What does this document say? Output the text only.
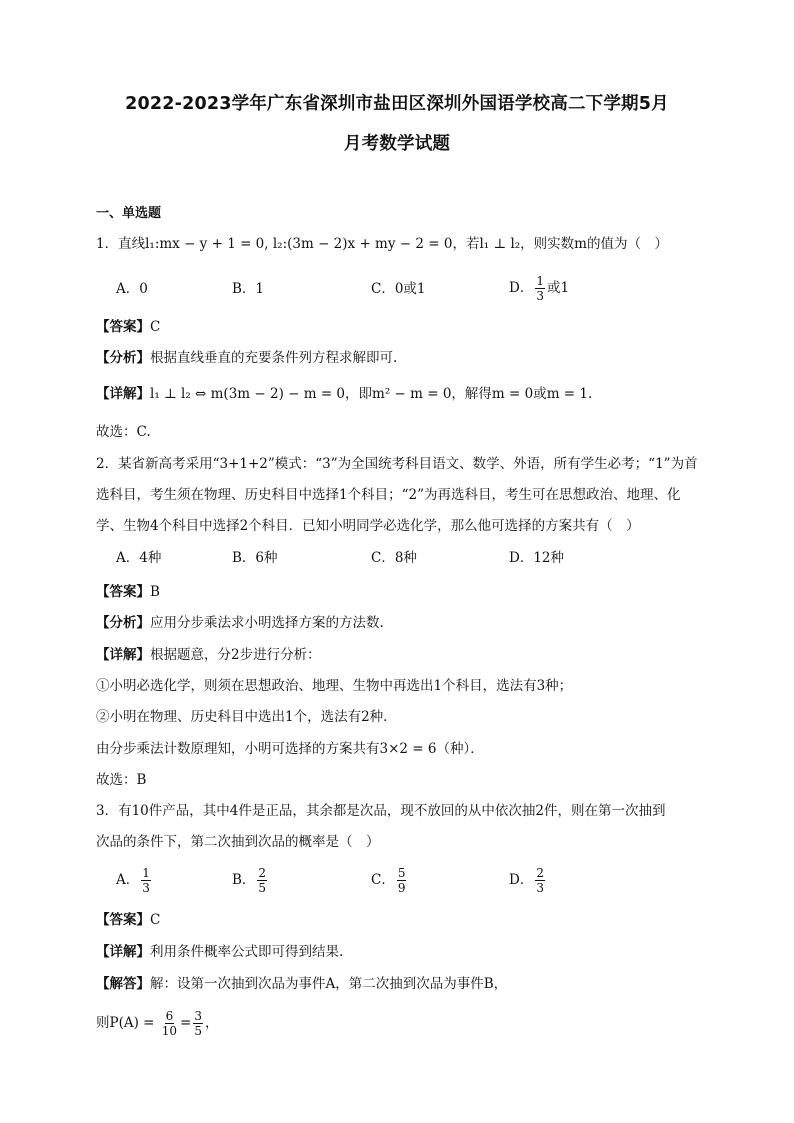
2022-2023学年广东省深圳市盐田区深圳外国语学校高二下学期5月
月考数学试题
一、单选题
1．直线l₁:mx − y + 1 = 0, l₂:(3m − 2)x + my − 2 = 0，若l₁ ⊥ l₂，则实数m的值为（　）
A．0	B．1	C．0或1	D． $\frac{1}{3}$ 或1
【答案】C
【分析】根据直线垂直的充要条件列方程求解即可.
【详解】l₁ ⊥ l₂ ⇔ m(3m − 2) − m = 0，即m² − m = 0，解得m = 0或m = 1.
故选：C.
2．某省新高考采用“3+1+2”模式：“3”为全国统考科目语文、数学、外语，所有学生必考；“1”为首
选科目，考生须在物理、历史科目中选择1个科目；“2”为再选科目，考生可在思想政治、地理、化
学、生物4个科目中选择2个科目．已知小明同学必选化学，那么他可选择的方案共有（　）
A．4种	B．6种	C．8种	D．12种
【答案】B
【分析】应用分步乘法求小明选择方案的方法数.
【详解】根据题意，分2步进行分析：
①小明必选化学，则须在思想政治、地理、生物中再选出1个科目，选法有3种；
②小明在物理、历史科目中选出1个，选法有2种．
由分步乘法计数原理知，小明可选择的方案共有3×2 = 6（种）．
故选：B
3．有10件产品，其中4件是正品，其余都是次品，现不放回的从中依次抽2件，则在第一次抽到
次品的条件下，第二次抽到次品的概率是（　）
A． $\frac{1}{3}$	B． $\frac{2}{5}$	C． $\frac{5}{9}$	D． $\frac{2}{3}$
【答案】C
【详解】利用条件概率公式即可得到结果.
【解答】解：设第一次抽到次品为事件A，第二次抽到次品为事件B，
则$P(A) = \frac{6}{10} = \frac{3}{5}$ ，
